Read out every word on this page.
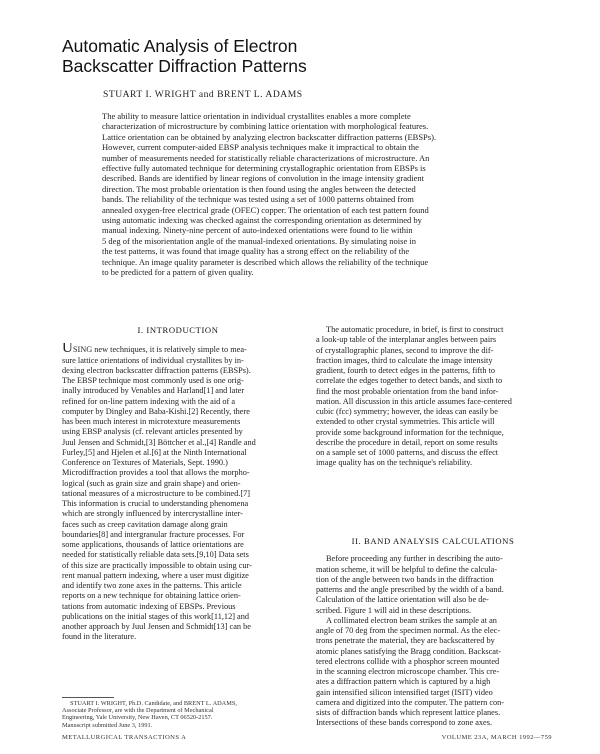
Automatic Analysis of Electron
Backscatter Diffraction Patterns
STUART I. WRIGHT and BRENT L. ADAMS
The ability to measure lattice orientation in individual crystallites enables a more complete
characterization of microstructure by combining lattice orientation with morphological features.
Lattice orientation can be obtained by analyzing electron backscatter diffraction patterns (EBSPs).
However, current computer-aided EBSP analysis techniques make it impractical to obtain the
number of measurements needed for statistically reliable characterizations of microstructure. An
effective fully automated technique for determining crystallographic orientation from EBSPs is
described. Bands are identified by linear regions of convolution in the image intensity gradient
direction. The most probable orientation is then found using the angles between the detected
bands. The reliability of the technique was tested using a set of 1000 patterns obtained from
annealed oxygen-free electrical grade (OFEC) copper. The orientation of each test pattern found
using automatic indexing was checked against the corresponding orientation as determined by
manual indexing. Ninety-nine percent of auto-indexed orientations were found to lie within
5 deg of the misorientation angle of the manual-indexed orientations. By simulating noise in
the test patterns, it was found that image quality has a strong effect on the reliability of the
technique. An image quality parameter is described which allows the reliability of the technique
to be predicted for a pattern of given quality.
I. INTRODUCTION
USING new techniques, it is relatively simple to mea-
sure lattice orientations of individual crystallites by in-
dexing electron backscatter diffraction patterns (EBSPs).
The EBSP technique most commonly used is one orig-
inally introduced by Venables and Harland[1] and later
refined for on-line pattern indexing with the aid of a
computer by Dingley and Baba-Kishi.[2] Recently, there
has been much interest in microtexture measurements
using EBSP analysis (cf. relevant articles presented by
Juul Jensen and Schmidt,[3] Böttcher et al.,[4] Randle and
Furley,[5] and Hjelen et al.[6] at the Ninth International
Conference on Textures of Materials, Sept. 1990.)
Microdiffraction provides a tool that allows the morpho-
logical (such as grain size and grain shape) and orien-
tational measures of a microstructure to be combined.[7]
This information is crucial to understanding phenomena
which are strongly influenced by intercrystalline inter-
faces such as creep cavitation damage along grain
boundaries[8] and intergranular fracture processes. For
some applications, thousands of lattice orientations are
needed for statistically reliable data sets.[9,10] Data sets
of this size are practically impossible to obtain using cur-
rent manual pattern indexing, where a user must digitize
and identify two zone axes in the patterns. This article
reports on a new technique for obtaining lattice orien-
tations from automatic indexing of EBSPs. Previous
publications on the initial stages of this work[11,12] and
another approach by Juul Jensen and Schmidt[13] can be
found in the literature.
The automatic procedure, in brief, is first to construct
a look-up table of the interplanar angles between pairs
of crystallographic planes, second to improve the dif-
fraction images, third to calculate the image intensity
gradient, fourth to detect edges in the patterns, fifth to
correlate the edges together to detect bands, and sixth to
find the most probable orientation from the band infor-
mation. All discussion in this article assumes face-centered
cubic (fcc) symmetry; however, the ideas can easily be
extended to other crystal symmetries. This article will
provide some background information for the technique,
describe the procedure in detail, report on some results
on a sample set of 1000 patterns, and discuss the effect
image quality has on the technique's reliability.
II. BAND ANALYSIS CALCULATIONS
Before proceeding any further in describing the auto-
mation scheme, it will be helpful to define the calcula-
tion of the angle between two bands in the diffraction
patterns and the angle prescribed by the width of a band.
Calculation of the lattice orientation will also be de-
scribed. Figure 1 will aid in these descriptions.
A collimated electron beam strikes the sample at an
angle of 70 deg from the specimen normal. As the elec-
trons penetrate the material, they are backscattered by
atomic planes satisfying the Bragg condition. Backscat-
tered electrons collide with a phosphor screen mounted
in the scanning electron microscope chamber. This cre-
ates a diffraction pattern which is captured by a high
gain intensified silicon intensified target (ISIT) video
camera and digitized into the computer. The pattern con-
sists of diffraction bands which represent lattice planes.
Intersections of these bands correspond to zone axes.
STUART I. WRIGHT, Ph.D. Candidate, and BRENT L. ADAMS,
Associate Professor, are with the Department of Mechanical
Engineering, Yale University, New Haven, CT 06520-2157.
Manuscript submitted June 3, 1991.
METALLURGICAL TRANSACTIONS A	VOLUME 23A, MARCH 1992—759
